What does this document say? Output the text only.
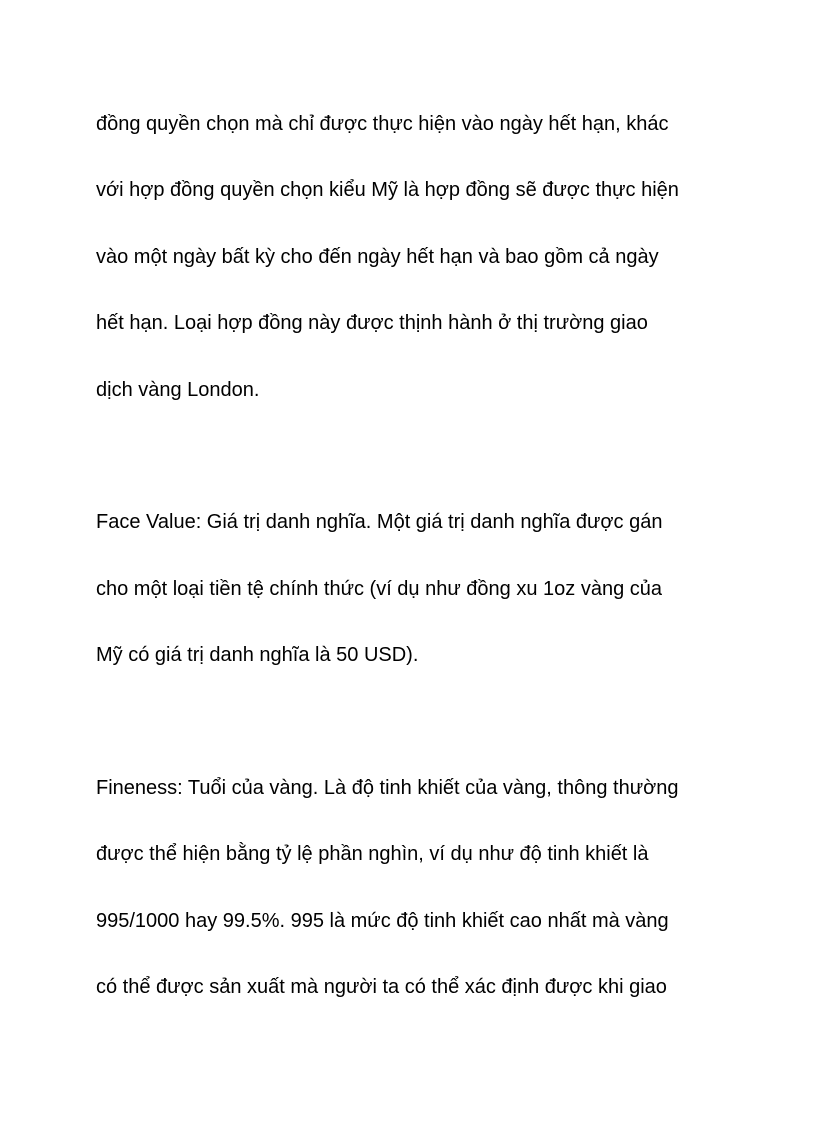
đồng quyền chọn mà chỉ được thực hiện vào ngày hết hạn, khác
với hợp đồng quyền chọn kiểu Mỹ là hợp đồng sẽ được thực hiện
vào một ngày bất kỳ cho đến ngày hết hạn và bao gồm cả ngày
hết hạn. Loại hợp đồng này được thịnh hành ở thị trường giao
dịch vàng London.
Face Value: Giá trị danh nghĩa. Một giá trị danh nghĩa được gán
cho một loại tiền tệ chính thức (ví dụ như đồng xu 1oz vàng của
Mỹ có giá trị danh nghĩa là 50 USD).
Fineness: Tuổi của vàng. Là độ tinh khiết của vàng, thông thường
được thể hiện bằng tỷ lệ phần nghìn, ví dụ như độ tinh khiết là
995/1000 hay 99.5%. 995 là mức độ tinh khiết cao nhất mà vàng
có thể được sản xuất mà người ta có thể xác định được khi giao
